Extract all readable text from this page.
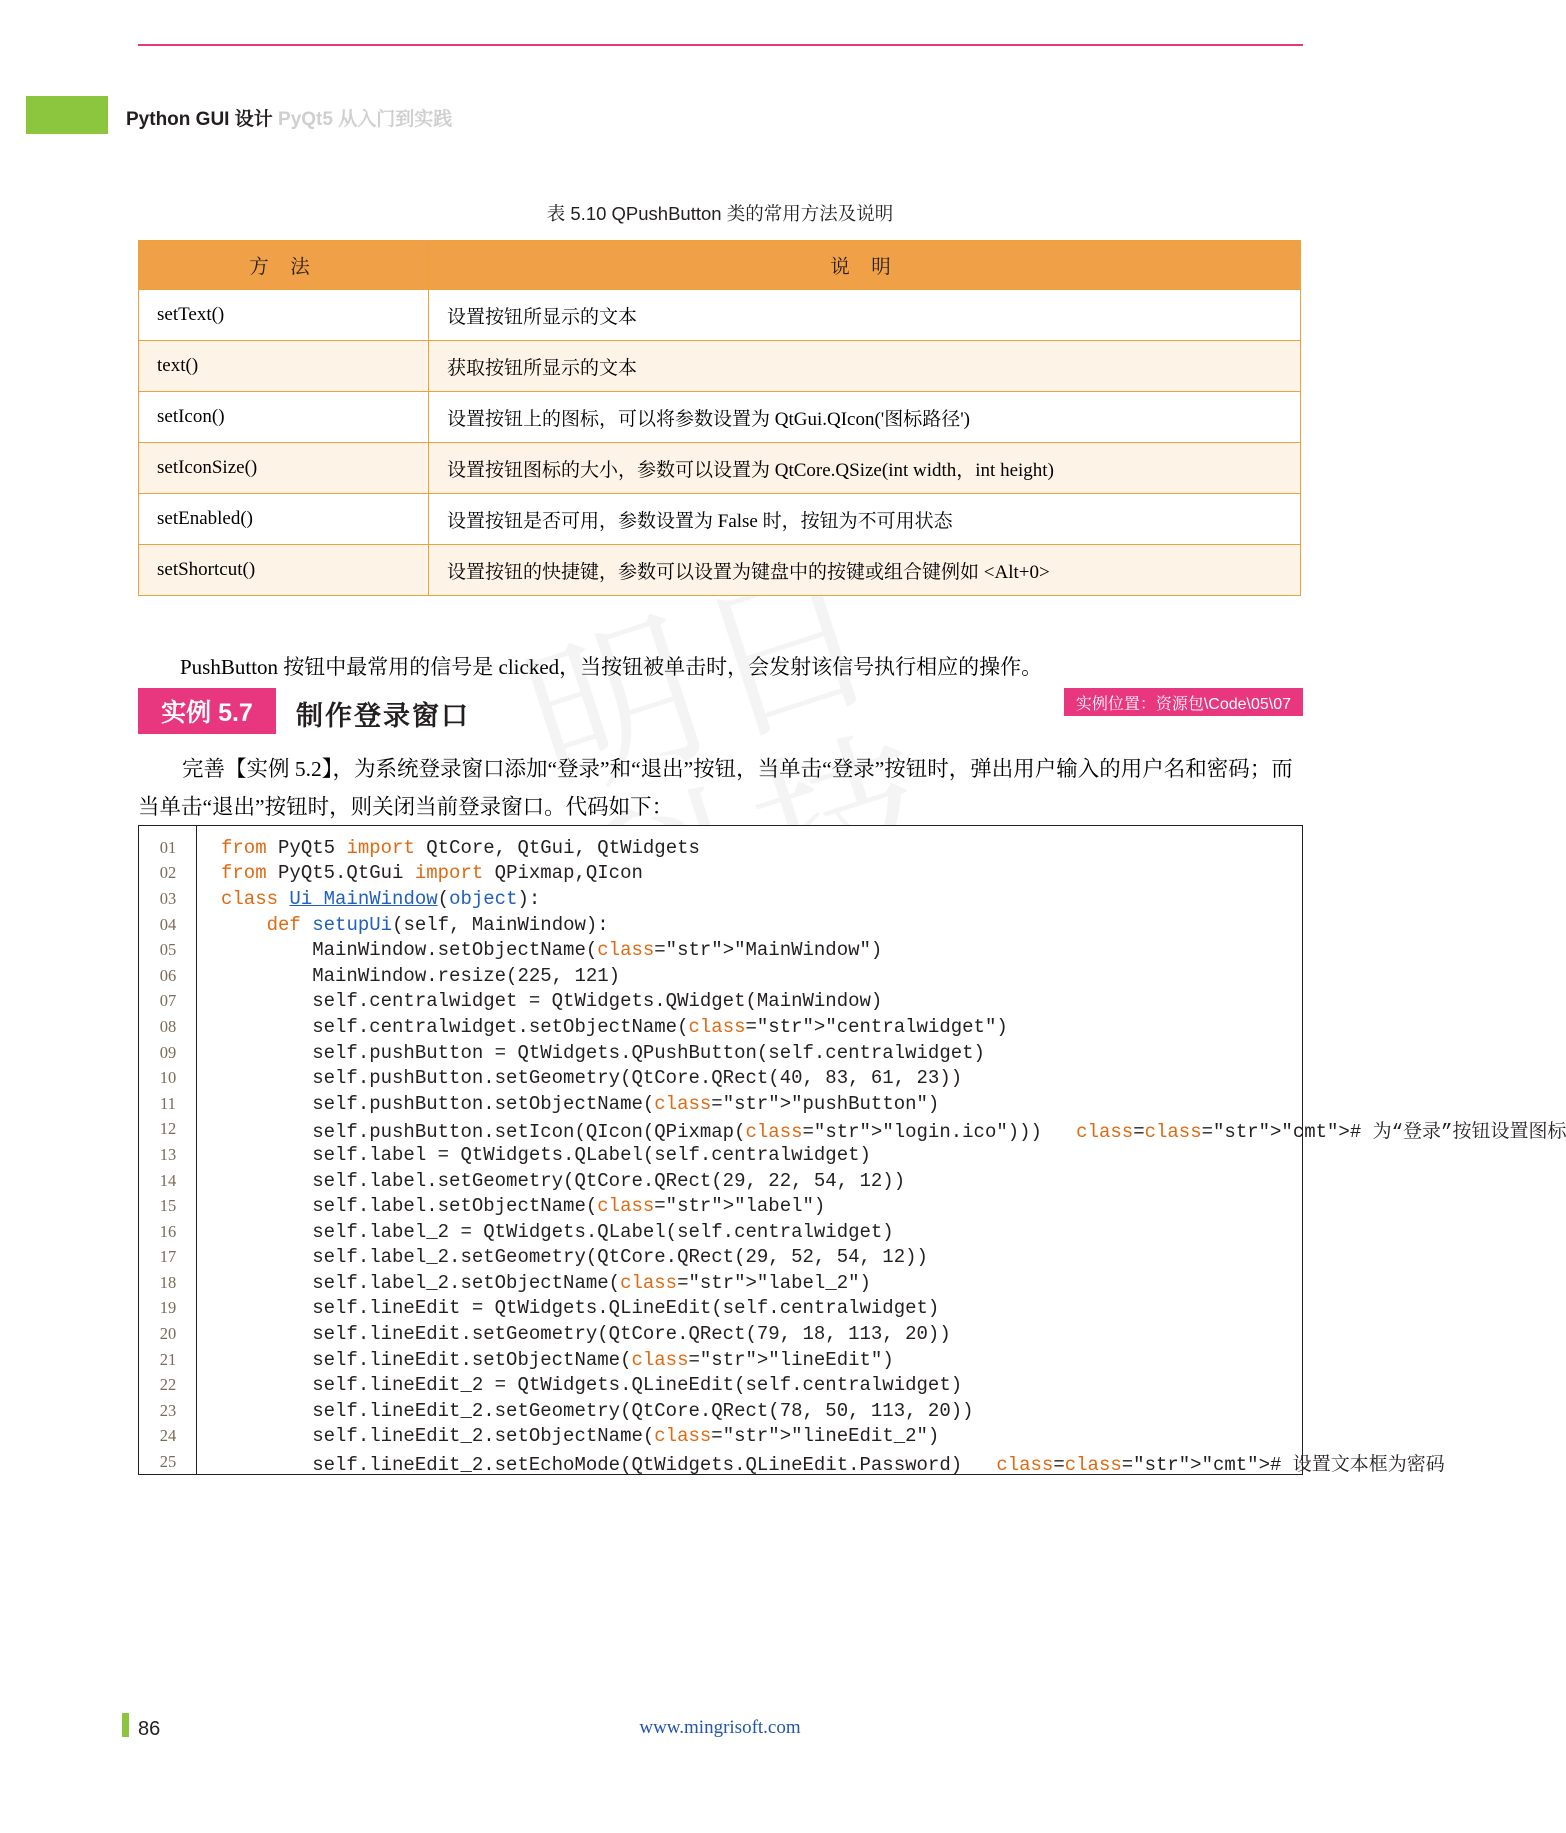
Python GUI 设计 PyQt5 从入门到实践
表 5.10 QPushButton 类的常用方法及说明
方 法	说 明
setText()	设置按钮所显示的文本
text()	获取按钮所显示的文本
setIcon()	设置按钮上的图标，可以将参数设置为 QtGui.QIcon('图标路径')
setIconSize()	设置按钮图标的大小，参数可以设置为 QtCore.QSize(int width，int height)
setEnabled()	设置按钮是否可用，参数设置为 False 时，按钮为不可用状态
setShortcut()	设置按钮的快捷键，参数可以设置为键盘中的按键或组合键例如 <Alt+0>
PushButton 按钮中最常用的信号是 clicked，当按钮被单击时，会发射该信号执行相应的操作。
实例 5.7	制作登录窗口	实例位置：资源包\Code\05\07
完善【实例 5.2】，为系统登录窗口添加“登录”和“退出”按钮，当单击“登录”按钮时，弹出用户输入的用户名和密码；而当单击“退出”按钮时，则关闭当前登录窗口。代码如下：
01	from PyQt5 import QtCore, QtGui, QtWidgets
02	from PyQt5.QtGui import QPixmap,QIcon
03	class Ui_MainWindow(object):
04	def setupUi(self, MainWindow):
05	MainWindow.setObjectName(class="str">"MainWindow")
06	MainWindow.resize(225, 121)
07	self.centralwidget = QtWidgets.QWidget(MainWindow)
08	self.centralwidget.setObjectName(class="str">"centralwidget")
09	self.pushButton = QtWidgets.QPushButton(self.centralwidget)
10	self.pushButton.setGeometry(QtCore.QRect(40, 83, 61, 23))
11	self.pushButton.setObjectName(class="str">"pushButton")
12	self.pushButton.setIcon(QIcon(QPixmap(class="str">"login.ico")))   class=class="str">"cmt"># 为“登录”按钮设置图标
13	self.label = QtWidgets.QLabel(self.centralwidget)
14	self.label.setGeometry(QtCore.QRect(29, 22, 54, 12))
15	self.label.setObjectName(class="str">"label")
16	self.label_2 = QtWidgets.QLabel(self.centralwidget)
17	self.label_2.setGeometry(QtCore.QRect(29, 52, 54, 12))
18	self.label_2.setObjectName(class="str">"label_2")
19	self.lineEdit = QtWidgets.QLineEdit(self.centralwidget)
20	self.lineEdit.setGeometry(QtCore.QRect(79, 18, 113, 20))
21	self.lineEdit.setObjectName(class="str">"lineEdit")
22	self.lineEdit_2 = QtWidgets.QLineEdit(self.centralwidget)
23	self.lineEdit_2.setGeometry(QtCore.QRect(78, 50, 113, 20))
24	self.lineEdit_2.setObjectName(class="str">"lineEdit_2")
25	self.lineEdit_2.setEchoMode(QtWidgets.QLineEdit.Password)   class=class="str">"cmt"># 设置文本框为密码
86	www.mingrisoft.com
